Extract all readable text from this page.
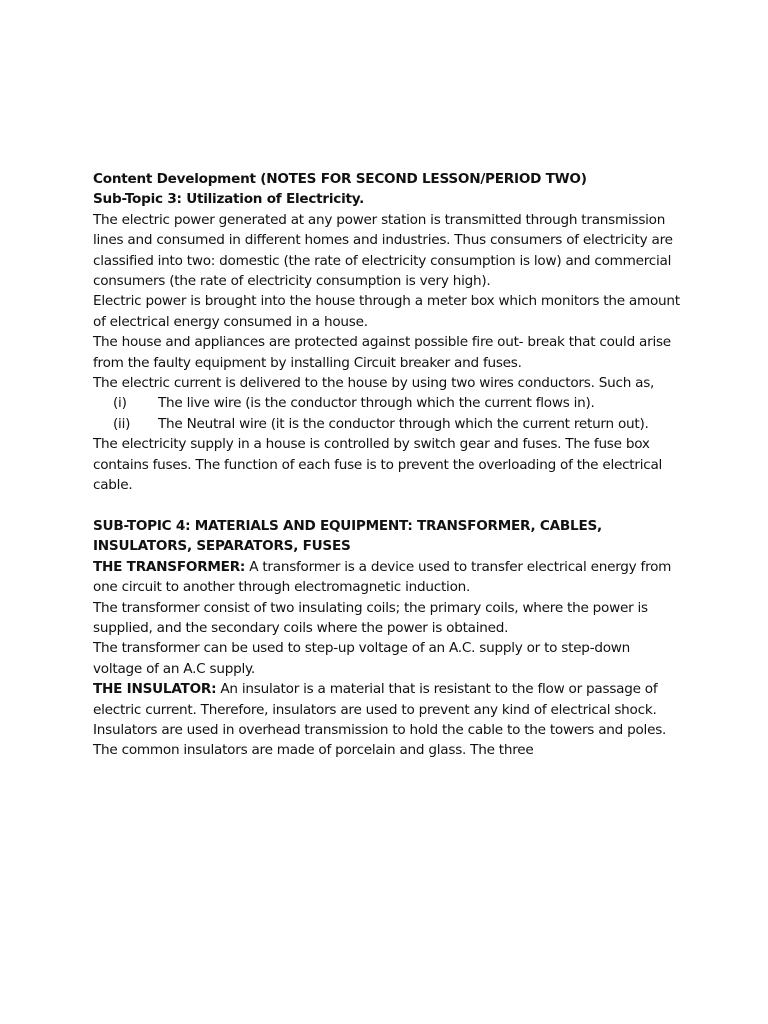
Content Development (NOTES FOR SECOND LESSON/PERIOD TWO)

Sub-Topic 3: Utilization of Electricity.

The electric power generated at any power station is transmitted through transmission lines and consumed in different homes and industries. Thus consumers of electricity are classified into two: domestic (the rate of electricity consumption is low) and commercial consumers (the rate of electricity consumption is very high).

Electric power is brought into the house through a meter box which monitors the amount of electrical energy consumed in a house.

The house and appliances are protected against possible fire out- break that could arise from the faulty equipment by installing Circuit breaker and fuses.

The electric current is delivered to the house by using two wires conductors. Such as,

(i)	The live wire (is the conductor through which the current flows in).
(ii)	The Neutral wire (it is the conductor through which the current return out).

The electricity supply in a house is controlled by switch gear and fuses. The fuse box contains fuses. The function of each fuse is to prevent the overloading of the electrical cable.

SUB-TOPIC 4: MATERIALS AND EQUIPMENT: TRANSFORMER, CABLES, INSULATORS, SEPARATORS, FUSES

THE TRANSFORMER: A transformer is a device used to transfer electrical energy from one circuit to another through electromagnetic induction.

The transformer consist of two insulating coils; the primary coils, where the power is supplied, and the secondary coils where the power is obtained.

The transformer can be used to step-up voltage of an A.C. supply or to step-down voltage of an A.C supply.

THE INSULATOR: An insulator is a material that is resistant to the flow or passage of electric current. Therefore, insulators are used to prevent any kind of electrical shock.

Insulators are used in overhead transmission to hold the cable to the towers and poles. The common insulators are made of porcelain and glass. The three
